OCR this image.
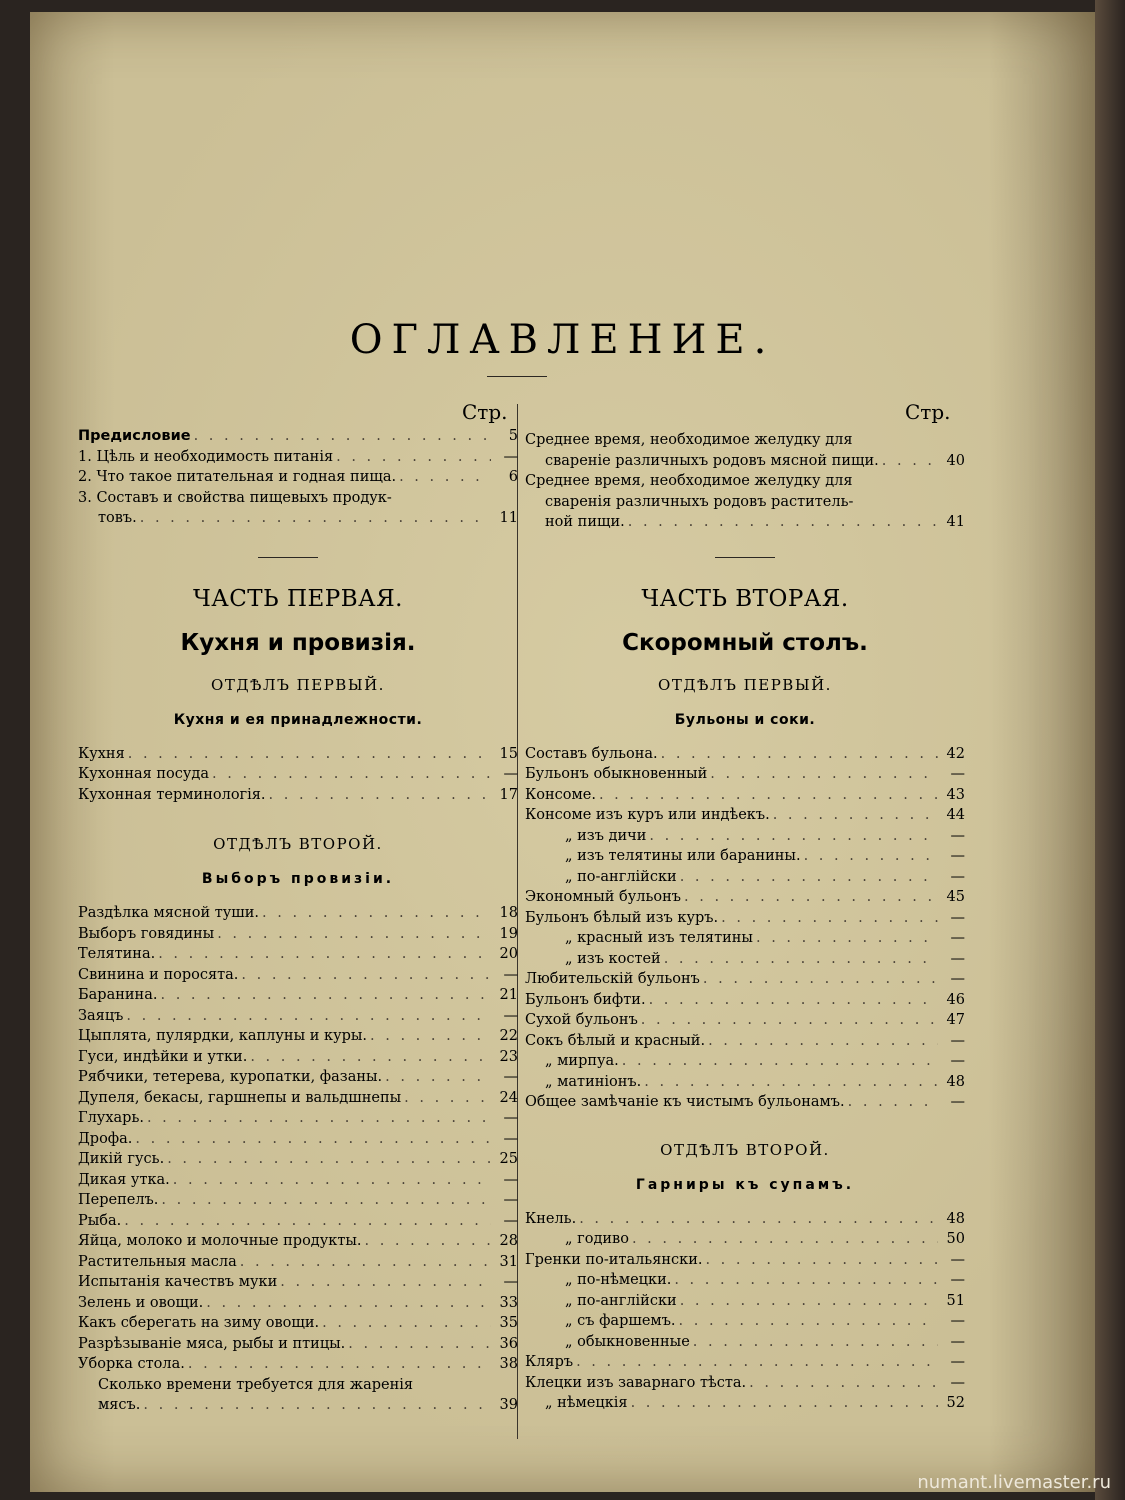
ОГЛАВЛЕНИЕ.
Стр.	Стр.
Предисловие . . .	5
1. Цѣль и необходимость питанія . . .	—
2. Что такое питательная и годная пища. . . .	6
3. Составъ и свойства пищевыхъ продук-
товъ. . . .	11
ЧАСТЬ ПЕРВАЯ.
Кухня и провизія.
ОТДѢЛЪ ПЕРВЫЙ.
Кухня и ея принадлежности.
Кухня . . .	15
Кухонная посуда . . .	—
Кухонная терминологія. . . .	17
ОТДѢЛЪ ВТОРОЙ.
Выборъ провизіи.
Раздѣлка мясной туши. . . .	18
Выборъ говядины . . .	19
Телятина. . . .	20
Свинина и поросята. . . .	—
Баранина. . . .	21
Заяцъ . . .	—
Цыплята, пулярдки, каплуны и куры. . . .	22
Гуси, индѣйки и утки. . . .	23
Рябчики, тетерева, куропатки, фазаны. . . .	—
Дупеля, бекасы, гаршнепы и вальдшнепы . . .	24
Глухарь. . . .	—
Дрофа. . . .	—
Дикій гусь. . . .	25
Дикая утка. . . .	—
Перепелъ. . . .	—
Рыба. . . .	—
Яйца, молоко и молочные продукты. . . .	28
Растительныя масла . . .	31
Испытанія качествъ муки . . .	—
Зелень и овощи. . . .	33
Какъ сберегать на зиму овощи. . . .	35
Разрѣзываніе мяса, рыбы и птицы. . . .	36
Уборка стола. . . .	38
Сколько времени требуется для жаренія
мясъ. . . .	39
Среднее время, необходимое желудку для
свареніе различныхъ родовъ мясной пищи. . . .	40
Среднее время, необходимое желудку для
сваренія различныхъ родовъ раститель-
ной пищи. . . .	41
ЧАСТЬ ВТОРАЯ.
Скоромный столъ.
ОТДѢЛЪ ПЕРВЫЙ.
Бульоны и соки.
Составъ бульона. . . .	42
Бульонъ обыкновенный . . .	—
Консоме. . . .	43
Консоме изъ куръ или индѣекъ. . . .	44
„ изъ дичи . . .	—
„ изъ телятины или баранины. . . .	—
„ по-англійски . . .	—
Экономный бульонъ . . .	45
Бульонъ бѣлый изъ куръ. . . .	—
„ красный изъ телятины . . .	—
„ изъ костей . . .	—
Любительскій бульонъ . . .	—
Бульонъ бифти. . . .	46
Сухой бульонъ . . .	47
Сокъ бѣлый и красный. . . .	—
„ мирпуа. . . .	—
„ матиніонъ. . . .	48
Общее замѣчаніе къ чистымъ бульонамъ. . . .	—
ОТДѢЛЪ ВТОРОЙ.
Гарниры къ супамъ.
Кнель. . . .	48
„ годиво . . .	50
Гренки по-итальянски. . . .	—
„ по-нѣмецки. . . .	—
„ по-англійски . . .	51
„ съ фаршемъ. . . .	—
„ обыкновенные . . .	—
Кляръ . . .	—
Клецки изъ заварнаго тѣста. . . .	—
„ нѣмецкія . . .	52
numant.livemaster.ru
